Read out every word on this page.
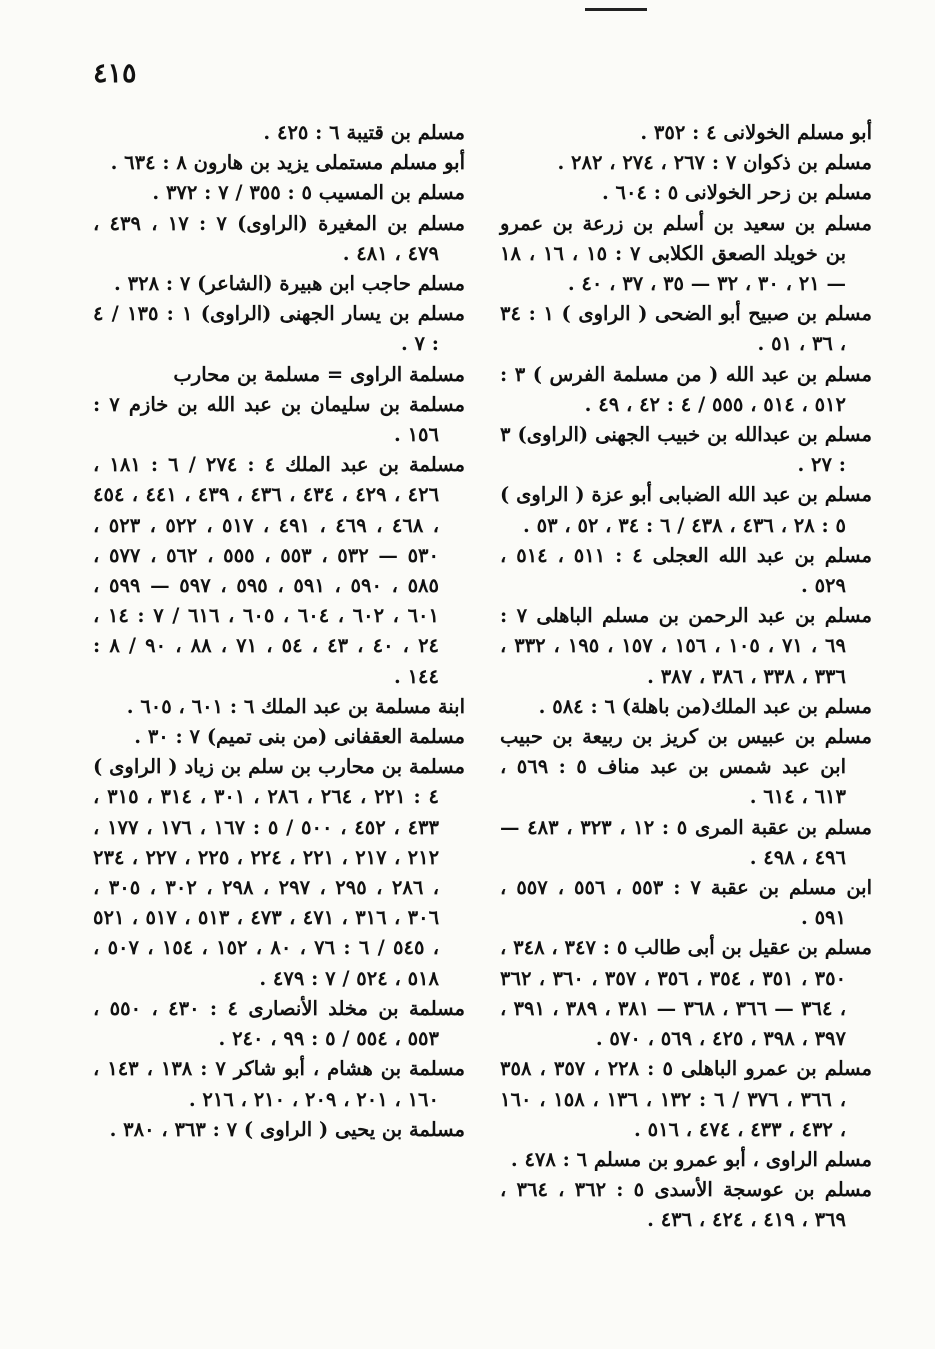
٤١٥

أبو مسلم الخولانى ٤ : ٣٥٢ .

مسلم بن ذكوان ٧ : ٢٦٧ ، ٢٧٤ ، ٢٨٢ .

مسلم بن زحر الخولانى ٥ : ٦٠٤ .

مسلم بن سعيد بن أسلم بن زرعة بن عمرو بن خويلد الصعق الكلابى ٧ : ١٥ ، ١٦ ، ١٨ — ٢١ ، ٣٠ ، ٣٢ — ٣٥ ، ٣٧ ، ٤٠ .

مسلم بن صبيح أبو الضحى ( الراوى ) ١ : ٣٤ ، ٣٦ ، ٥١ .

مسلم بن عبد الله ( من مسلمة الفرس ) ٣ : ٥١٢ ، ٥١٤ ، ٥٥٥ / ٤ : ٤٢ ، ٤٩ .

مسلم بن عبدالله بن خبيب الجهنى (الراوى) ٣ : ٢٧ .

مسلم بن عبد الله الضبابى أبو عزة ( الراوى ) ٥ : ٢٨ ، ٤٣٦ ، ٤٣٨ / ٦ : ٣٤ ، ٥٢ ، ٥٣ .

مسلم بن عبد الله العجلى ٤ : ٥١١ ، ٥١٤ ، ٥٢٩ .

مسلم بن عبد الرحمن بن مسلم الباهلى ٧ : ٦٩ ، ٧١ ، ١٠٥ ، ١٥٦ ، ١٥٧ ، ١٩٥ ، ٣٣٢ ، ٣٣٦ ، ٣٣٨ ، ٣٨٦ ، ٣٨٧ .

مسلم بن عبد الملك(من باهلة) ٦ : ٥٨٤ .

مسلم بن عبيس بن كريز بن ربيعة بن حبيب ابن عبد شمس بن عبد مناف ٥ : ٥٦٩ ، ٦١٣ ، ٦١٤ .

مسلم بن عقبة المرى ٥ : ١٢ ، ٣٢٣ ، ٤٨٣ — ٤٩٦ ، ٤٩٨ .

ابن مسلم بن عقبة ٧ : ٥٥٣ ، ٥٥٦ ، ٥٥٧ ، ٥٩١ .

مسلم بن عقيل بن أبى طالب ٥ : ٣٤٧ ، ٣٤٨ ، ٣٥٠ ، ٣٥١ ، ٣٥٤ ، ٣٥٦ ، ٣٥٧ ، ٣٦٠ ، ٣٦٢ ، ٣٦٤ — ٣٦٦ ، ٣٦٨ — ٣٨١ ، ٣٨٩ ، ٣٩١ ، ٣٩٧ ، ٣٩٨ ، ٤٢٥ ، ٥٦٩ ، ٥٧٠ .

مسلم بن عمرو الباهلى ٥ : ٢٢٨ ، ٣٥٧ ، ٣٥٨ ، ٣٦٦ ، ٣٧٦ / ٦ : ١٣٢ ، ١٣٦ ، ١٥٨ ، ١٦٠ ، ٤٣٢ ، ٤٣٣ ، ٤٧٤ ، ٥١٦ .

مسلم الراوى ، أبو عمرو بن مسلم ٦ : ٤٧٨ .

مسلم بن عوسجة الأسدى ٥ : ٣٦٢ ، ٣٦٤ ، ٣٦٩ ، ٤١٩ ، ٤٢٤ ، ٤٣٦ .

مسلم بن قتيبة ٦ : ٤٢٥ .

أبو مسلم مستملى يزيد بن هارون ٨ : ٦٣٤ .

مسلم بن المسيب ٥ : ٣٥٥ / ٧ : ٣٧٢ .

مسلم بن المغيرة (الراوى) ٧ : ١٧ ، ٤٣٩ ، ٤٧٩ ، ٤٨١ .

مسلم حاجب ابن هبيرة (الشاعر) ٧ : ٣٢٨ .

مسلم بن يسار الجهنى (الراوى) ١ : ١٣٥ / ٤ : ٧ .

مسلمة الراوى = مسلمة بن محارب

مسلمة بن سليمان بن عبد الله بن خازم ٧ : ١٥٦ .

مسلمة بن عبد الملك ٤ : ٢٧٤ / ٦ : ١٨١ ، ٤٢٦ ، ٤٢٩ ، ٤٣٤ ، ٤٣٦ ، ٤٣٩ ، ٤٤١ ، ٤٥٤ ، ٤٦٨ ، ٤٦٩ ، ٤٩١ ، ٥١٧ ، ٥٢٢ ، ٥٢٣ ، ٥٣٠ — ٥٣٢ ، ٥٥٣ ، ٥٥٥ ، ٥٦٢ ، ٥٧٧ ، ٥٨٥ ، ٥٩٠ ، ٥٩١ ، ٥٩٥ ، ٥٩٧ — ٥٩٩ ، ٦٠١ ، ٦٠٢ ، ٦٠٤ ، ٦٠٥ ، ٦١٦ / ٧ : ١٤ ، ٢٤ ، ٤٠ ، ٤٣ ، ٥٤ ، ٧١ ، ٨٨ ، ٩٠ / ٨ : ١٤٤ .

ابنة مسلمة بن عبد الملك ٦ : ٦٠١ ، ٦٠٥ .

مسلمة العقفانى (من بنى تميم) ٧ : ٣٠ .

مسلمة بن محارب بن سلم بن زياد ( الراوى ) ٤ : ٢٢١ ، ٢٦٤ ، ٢٨٦ ، ٣٠١ ، ٣١٤ ، ٣١٥ ، ٤٣٣ ، ٤٥٢ ، ٥٠٠ / ٥ : ١٦٧ ، ١٧٦ ، ١٧٧ ، ٢١٢ ، ٢١٧ ، ٢٢١ ، ٢٢٤ ، ٢٢٥ ، ٢٢٧ ، ٢٣٤ ، ٢٨٦ ، ٢٩٥ ، ٢٩٧ ، ٢٩٨ ، ٣٠٢ ، ٣٠٥ ، ٣٠٦ ، ٣١٦ ، ٤٧١ ، ٤٧٣ ، ٥١٣ ، ٥١٧ ، ٥٢١ ، ٥٤٥ / ٦ : ٧٦ ، ٨٠ ، ١٥٢ ، ١٥٤ ، ٥٠٧ ، ٥١٨ ، ٥٢٤ / ٧ : ٤٧٩ .

مسلمة بن مخلد الأنصارى ٤ : ٤٣٠ ، ٥٥٠ ، ٥٥٣ ، ٥٥٤ / ٥ : ٩٩ ، ٢٤٠ .

مسلمة بن هشام ، أبو شاكر ٧ : ١٣٨ ، ١٤٣ ، ١٦٠ ، ٢٠١ ، ٢٠٩ ، ٢١٠ ، ٢١٦ .

مسلمة بن يحيى ( الراوى ) ٧ : ٣٦٣ ، ٣٨٠ .
